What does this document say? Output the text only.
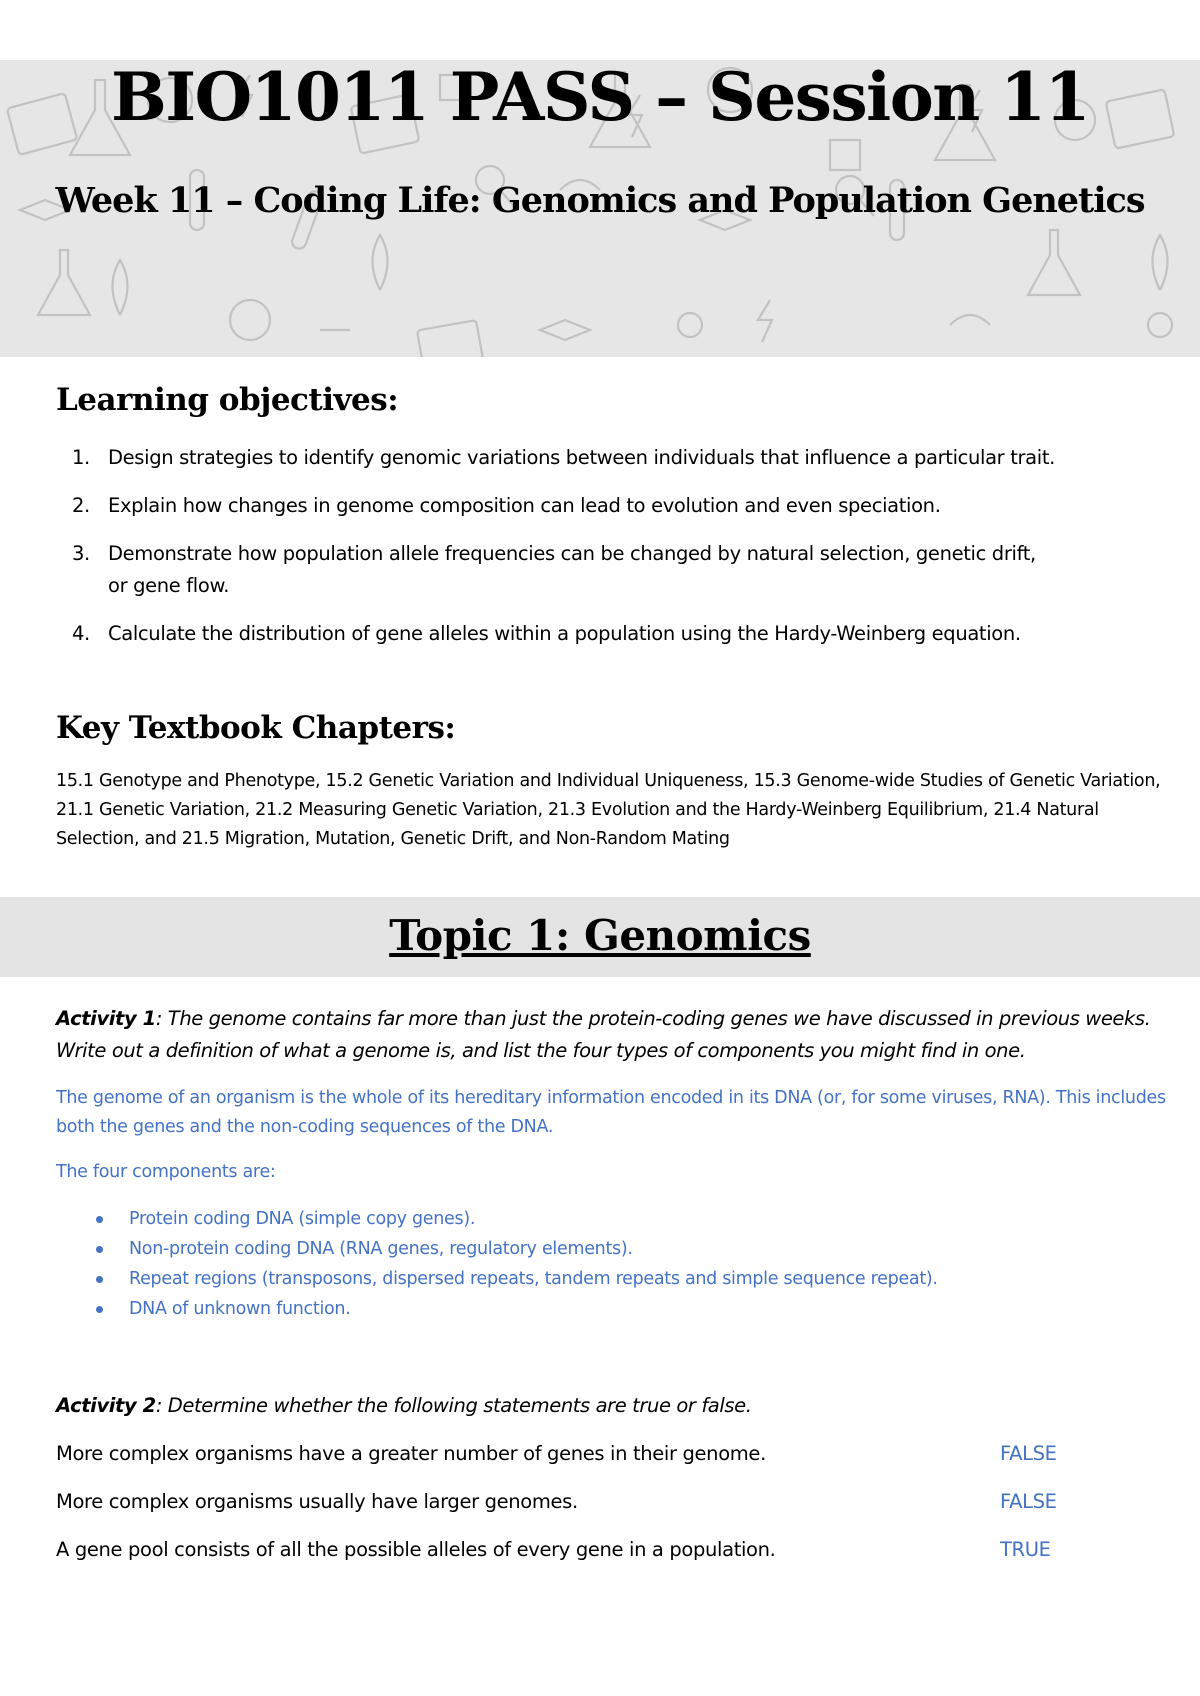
BIO1011 PASS – Session 11
Week 11 – Coding Life: Genomics and Population Genetics
Learning objectives:
1. Design strategies to identify genomic variations between individuals that influence a particular trait.
2. Explain how changes in genome composition can lead to evolution and even speciation.
3. Demonstrate how population allele frequencies can be changed by natural selection, genetic drift, or gene flow.
4. Calculate the distribution of gene alleles within a population using the Hardy-Weinberg equation.
Key Textbook Chapters:
15.1 Genotype and Phenotype, 15.2 Genetic Variation and Individual Uniqueness, 15.3 Genome-wide Studies of Genetic Variation, 21.1 Genetic Variation, 21.2 Measuring Genetic Variation, 21.3 Evolution and the Hardy-Weinberg Equilibrium, 21.4 Natural Selection, and 21.5 Migration, Mutation, Genetic Drift, and Non-Random Mating
Topic 1: Genomics
Activity 1: The genome contains far more than just the protein-coding genes we have discussed in previous weeks. Write out a definition of what a genome is, and list the four types of components you might find in one.
The genome of an organism is the whole of its hereditary information encoded in its DNA (or, for some viruses, RNA). This includes both the genes and the non-coding sequences of the DNA.
The four components are:
Protein coding DNA (simple copy genes).
Non-protein coding DNA (RNA genes, regulatory elements).
Repeat regions (transposons, dispersed repeats, tandem repeats and simple sequence repeat).
DNA of unknown function.
Activity 2: Determine whether the following statements are true or false.
More complex organisms have a greater number of genes in their genome.	FALSE
More complex organisms usually have larger genomes.	FALSE
A gene pool consists of all the possible alleles of every gene in a population.	TRUE
